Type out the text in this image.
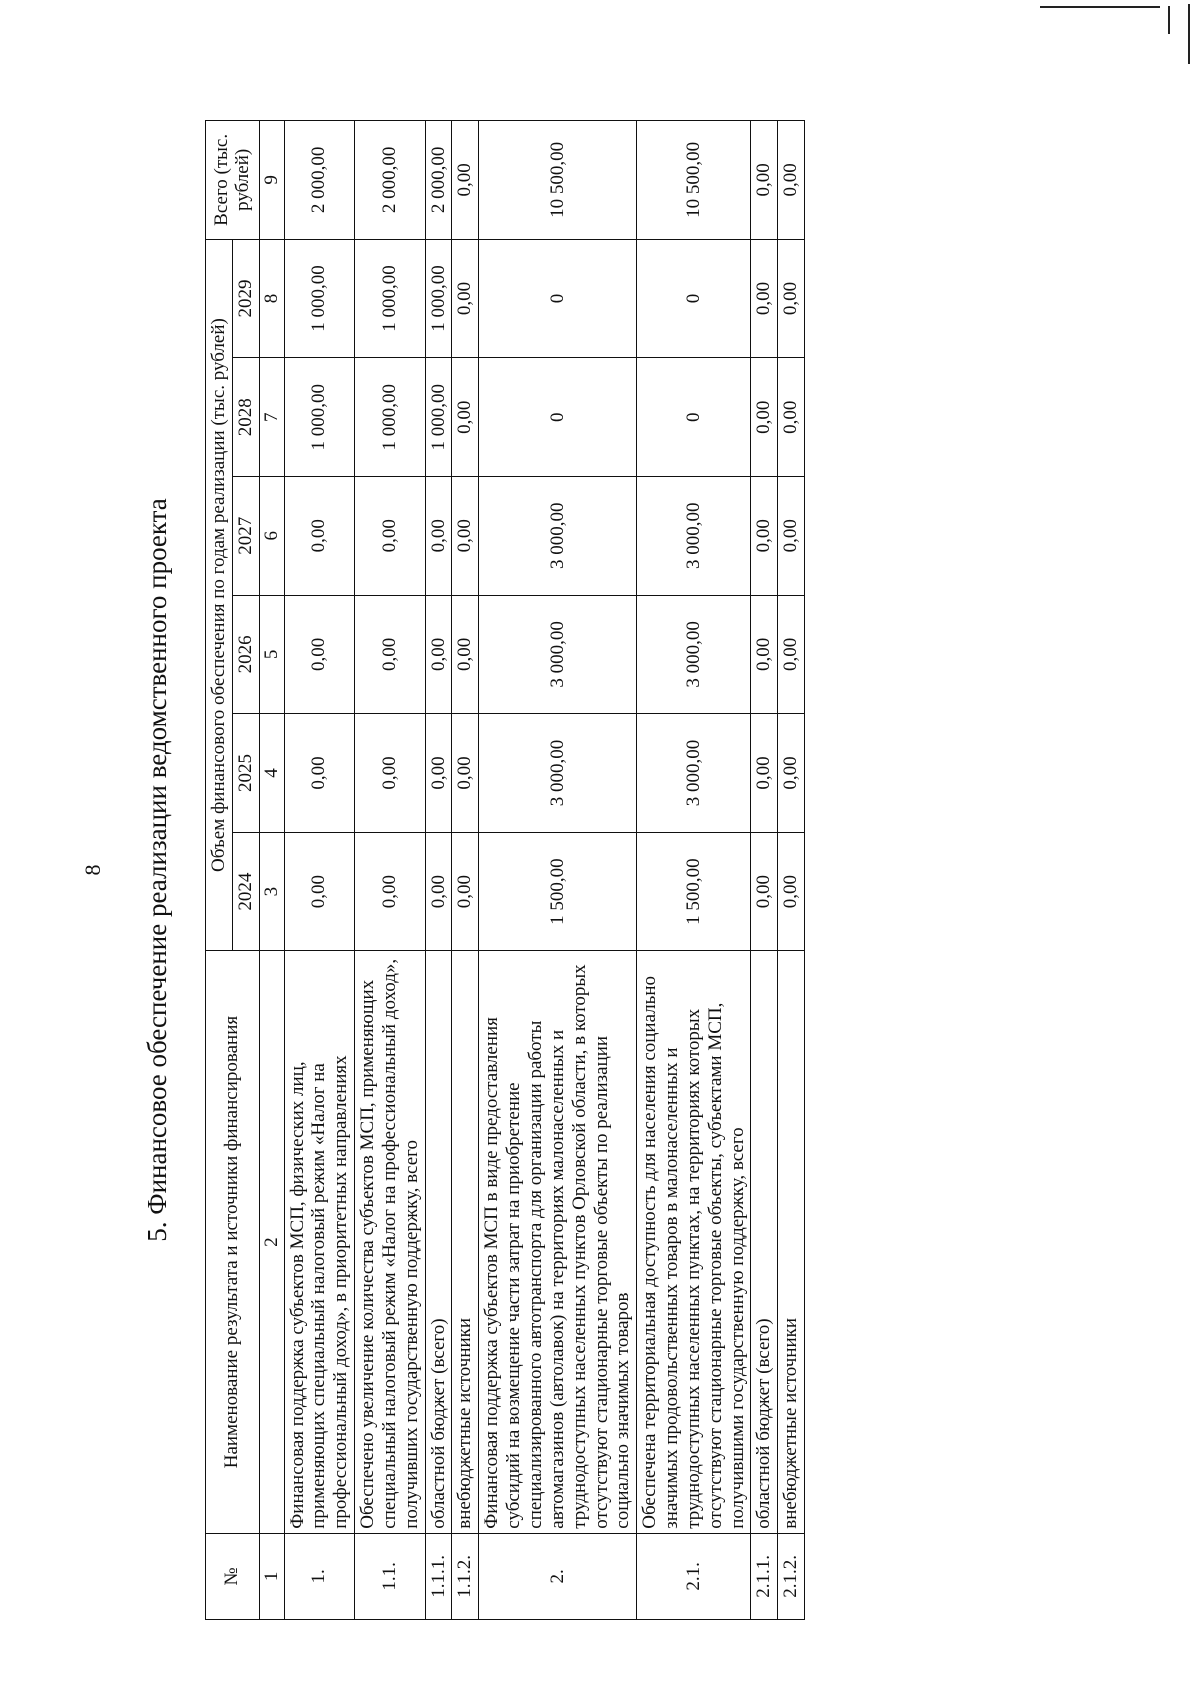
8 5. Финансовое обеспечение реализации ведомственного проекта
№	Наименование результата и источники финансирования	Объем финансового обеспечения по годам реализации (тыс. рублей)						Всего (тыс. рублей)
		2024	2025	2026	2027	2028	2029	
1	2	3	4	5	6	7	8	9
1.	Финансовая поддержка субъектов МСП, физических лиц, применяющих специальный налоговый режим «Налог на профессиональный доход», в приоритетных направлениях	0,00	0,00	0,00	0,00	1 000,00	1 000,00	2 000,00
1.1.	Обеспечено увеличение количества субъектов МСП, применяющих специальный налоговый режим «Налог на профессиональный доход», получивших государственную поддержку, всего	0,00	0,00	0,00	0,00	1 000,00	1 000,00	2 000,00
1.1.1.	областной бюджет (всего)	0,00	0,00	0,00	0,00	1 000,00	1 000,00	2 000,00
1.1.2.	внебюджетные источники	0,00	0,00	0,00	0,00	0,00	0,00	0,00
2.	Финансовая поддержка субъектов МСП в виде предоставления субсидий на возмещение части затрат на приобретение специализированного автотранспорта для организации работы автомагазинов (автолавок) на территориях малонаселенных и труднодоступных населенных пунктов Орловской области, в которых отсутствуют стационарные торговые объекты по реализации социально значимых товаров	1 500,00	3 000,00	3 000,00	3 000,00	0	0	10 500,00
2.1.	Обеспечена территориальная доступность для населения социально значимых продовольственных товаров в малонаселенных и труднодоступных населенных пунктах, на территориях которых отсутствуют стационарные торговые объекты, субъектами МСП, получившими государственную поддержку, всего	1 500,00	3 000,00	3 000,00	3 000,00	0	0	10 500,00
2.1.1.	областной бюджет (всего)	0,00	0,00	0,00	0,00	0,00	0,00	0,00
2.1.2.	внебюджетные источники	0,00	0,00	0,00	0,00	0,00	0,00	0,00
